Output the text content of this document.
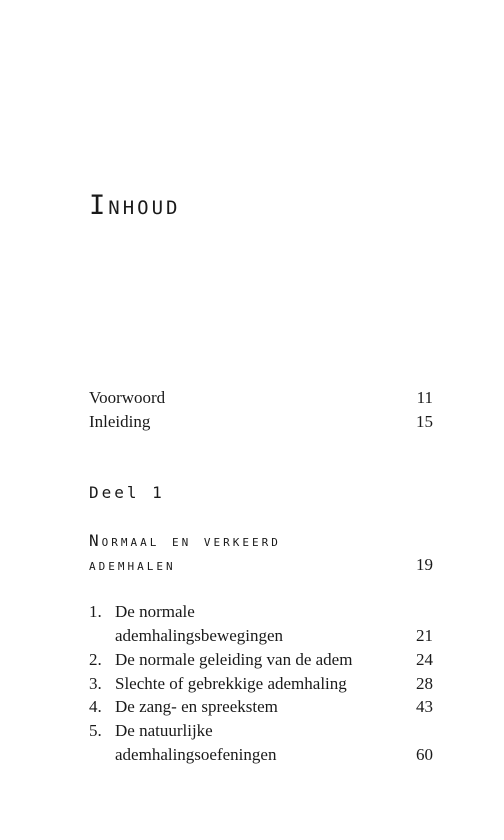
Inhoud
Voorwoord	11
Inleiding	15
Deel 1
Normaal en verkeerd
ademhalen	19
1. De normale
ademhalingsbewegingen	21
2. De normale geleiding van de adem	24
3. Slechte of gebrekkige ademhaling	28
4. De zang- en spreekstem	43
5. De natuurlijke
ademhalingsoefeningen	60
